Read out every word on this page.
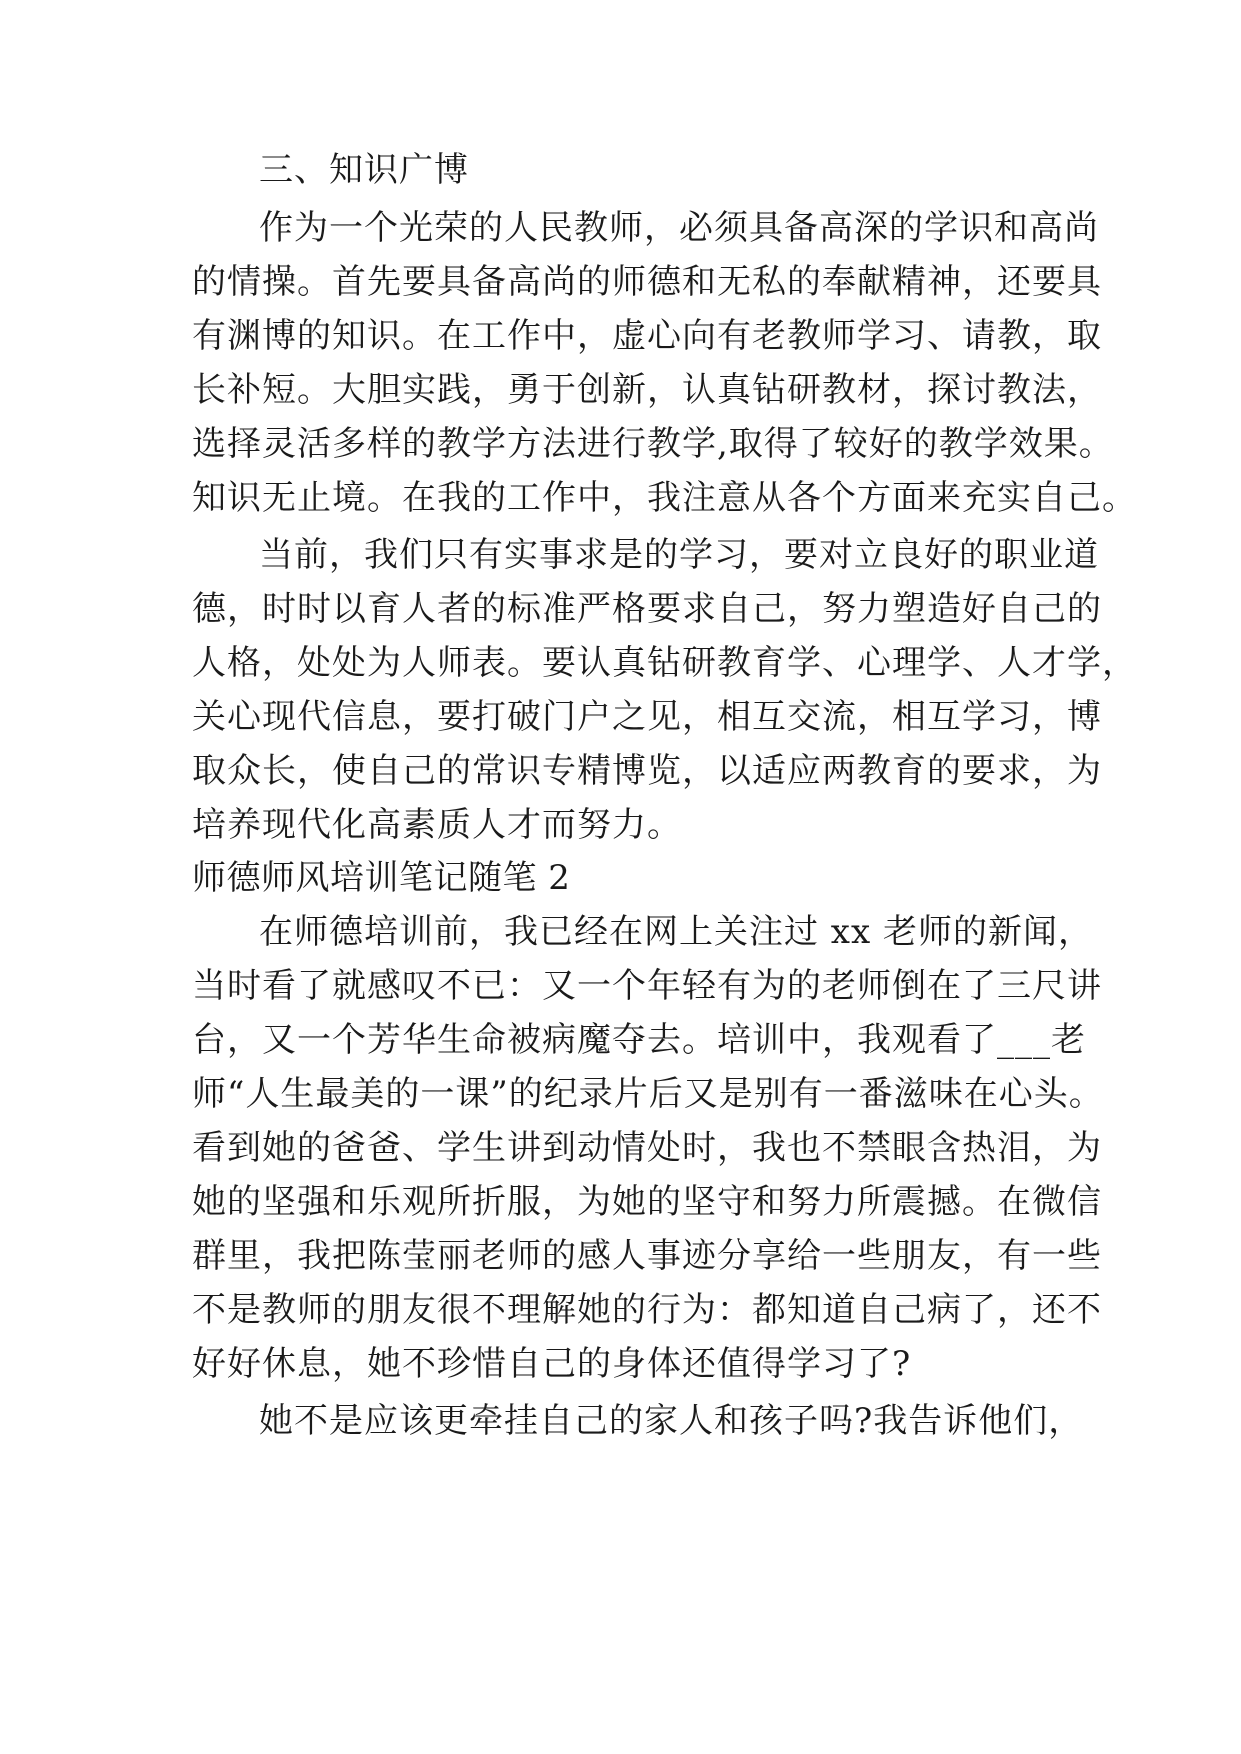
三、知识广博
作为一个光荣的人民教师，必须具备高深的学识和高尚
的情操。首先要具备高尚的师德和无私的奉献精神，还要具
有渊博的知识。在工作中，虚心向有老教师学习、请教，取
长补短。大胆实践，勇于创新，认真钻研教材，探讨教法，
选择灵活多样的教学方法进行教学,取得了较好的教学效果。
知识无止境。在我的工作中，我注意从各个方面来充实自己。
当前，我们只有实事求是的学习，要对立良好的职业道
德，时时以育人者的标准严格要求自己，努力塑造好自己的
人格，处处为人师表。要认真钻研教育学、心理学、人才学，
关心现代信息，要打破门户之见，相互交流，相互学习，博
取众长，使自己的常识专精博览，以适应两教育的要求，为
培养现代化高素质人才而努力。
师德师风培训笔记随笔 2
在师德培训前，我已经在网上关注过 xx 老师的新闻，
当时看了就感叹不已：又一个年轻有为的老师倒在了三尺讲
台，又一个芳华生命被病魔夺去。培训中，我观看了___老
师“人生最美的一课”的纪录片后又是别有一番滋味在心头。
看到她的爸爸、学生讲到动情处时，我也不禁眼含热泪，为
她的坚强和乐观所折服，为她的坚守和努力所震撼。在微信
群里，我把陈莹丽老师的感人事迹分享给一些朋友，有一些
不是教师的朋友很不理解她的行为：都知道自己病了，还不
好好休息，她不珍惜自己的身体还值得学习了?
她不是应该更牵挂自己的家人和孩子吗?我告诉他们，
